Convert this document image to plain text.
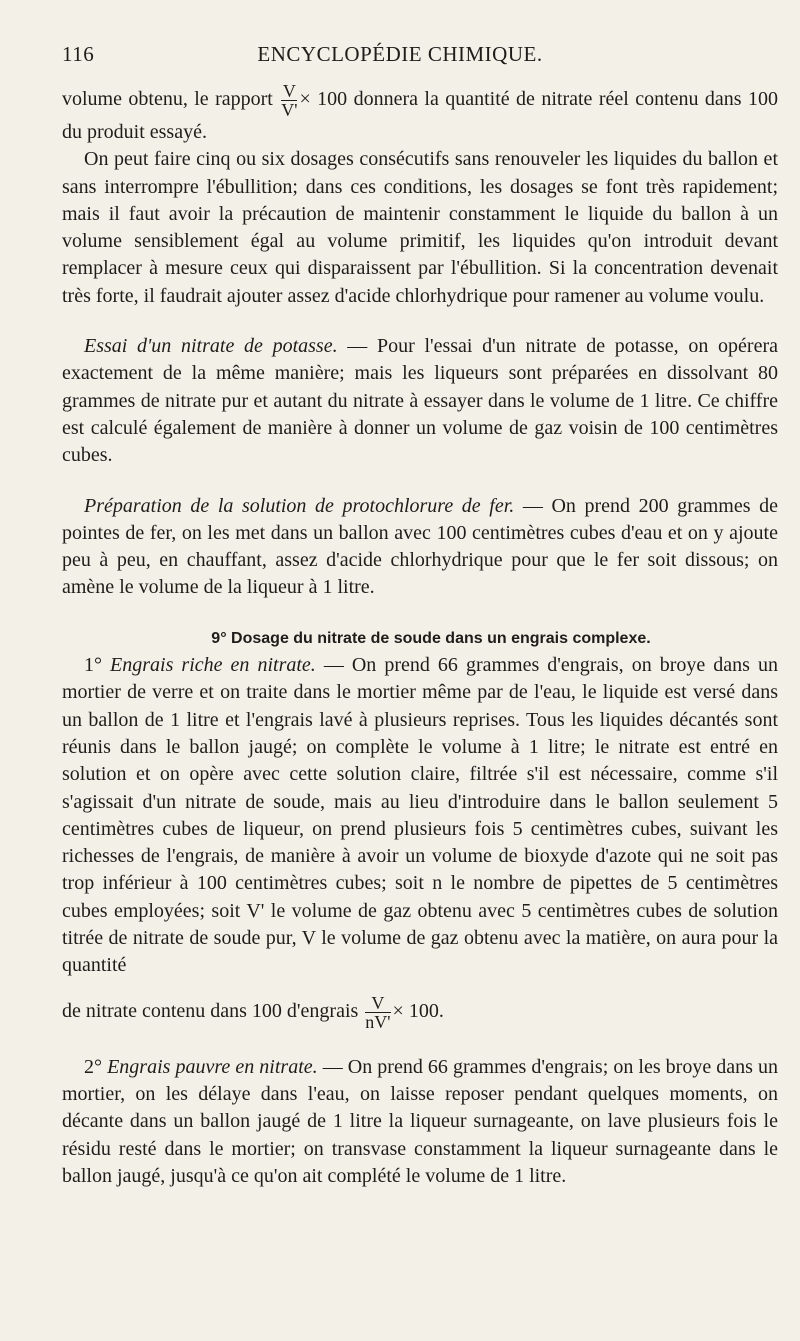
116	ENCYCLOPÉDIE CHIMIQUE.

volume obtenu, le rapport $\frac{V}{V'} \times 100$ donnera la quantité de nitrate réel contenu dans 100 du produit essayé.

On peut faire cinq ou six dosages consécutifs sans renouveler les liquides du ballon et sans interrompre l'ébullition; dans ces conditions, les dosages se font très rapidement; mais il faut avoir la précaution de maintenir constamment le liquide du ballon à un volume sensiblement égal au volume primitif, les liquides qu'on introduit devant remplacer à mesure ceux qui disparaissent par l'ébullition. Si la concentration devenait très forte, il faudrait ajouter assez d'acide chlorhydrique pour ramener au volume voulu.

Essai d'un nitrate de potasse. — Pour l'essai d'un nitrate de potasse, on opérera exactement de la même manière; mais les liqueurs sont préparées en dissolvant 80 grammes de nitrate pur et autant du nitrate à essayer dans le volume de 1 litre. Ce chiffre est calculé également de manière à donner un volume de gaz voisin de 100 centimètres cubes.

Préparation de la solution de protochlorure de fer. — On prend 200 grammes de pointes de fer, on les met dans un ballon avec 100 centimètres cubes d'eau et on y ajoute peu à peu, en chauffant, assez d'acide chlorhydrique pour que le fer soit dissous; on amène le volume de la liqueur à 1 litre.

9° Dosage du nitrate de soude dans un engrais complexe.

1° Engrais riche en nitrate. — On prend 66 grammes d'engrais, on broye dans un mortier de verre et on traite dans le mortier même par de l'eau, le liquide est versé dans un ballon de 1 litre et l'engrais lavé à plusieurs reprises. Tous les liquides décantés sont réunis dans le ballon jaugé; on complète le volume à 1 litre; le nitrate est entré en solution et on opère avec cette solution claire, filtrée s'il est nécessaire, comme s'il s'agissait d'un nitrate de soude, mais au lieu d'introduire dans le ballon seulement 5 centimètres cubes de liqueur, on prend plusieurs fois 5 centimètres cubes, suivant les richesses de l'engrais, de manière à avoir un volume de bioxyde d'azote qui ne soit pas trop inférieur à 100 centimètres cubes; soit n le nombre de pipettes de 5 centimètres cubes employées; soit V' le volume de gaz obtenu avec 5 centimètres cubes de solution titrée de nitrate de soude pur, V le volume de gaz obtenu avec la matière, on aura pour la quantité

de nitrate contenu dans 100 d'engrais $\frac{V}{nV'} \times 100$.

2° Engrais pauvre en nitrate. — On prend 66 grammes d'engrais; on les broye dans un mortier, on les délaye dans l'eau, on laisse reposer pendant quelques moments, on décante dans un ballon jaugé de 1 litre la liqueur surnageante, on lave plusieurs fois le résidu resté dans le mortier; on transvase constamment la liqueur surnageante dans le ballon jaugé, jusqu'à ce qu'on ait complété le volume de 1 litre.
